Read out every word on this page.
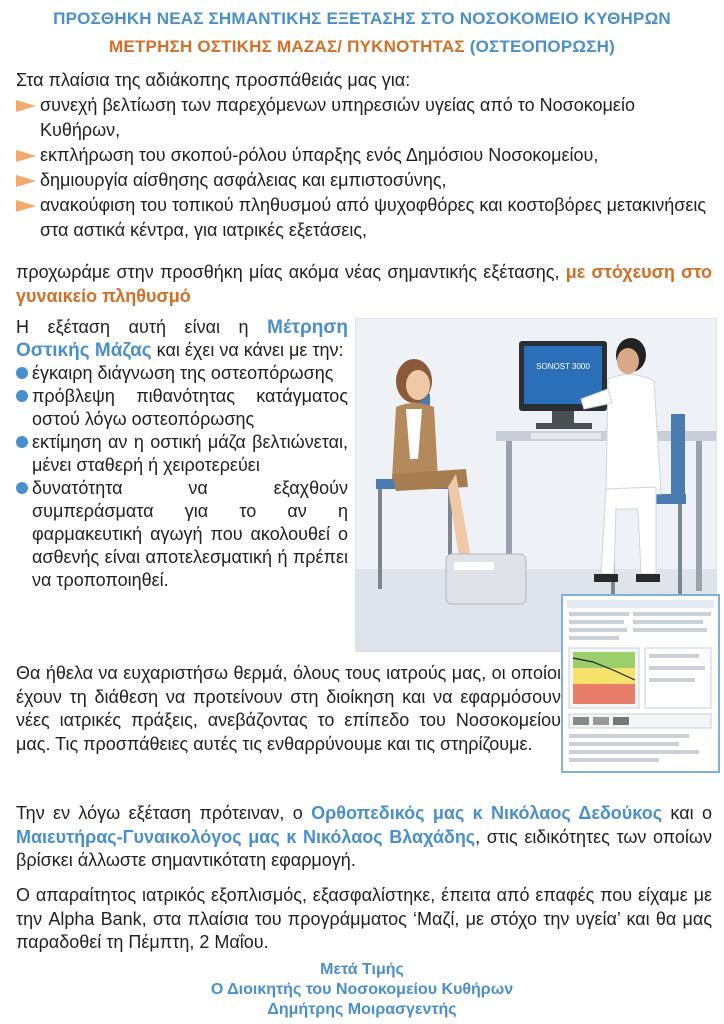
ΠΡΟΣΘΗΚΗ ΝΕΑΣ ΣΗΜΑΝΤΙΚΗΣ ΕΞΕΤΑΣΗΣ ΣΤΟ ΝΟΣΟΚΟΜΕΙΟ ΚΥΘΗΡΩΝ
ΜΕΤΡΗΣΗ ΟΣΤΙΚΗΣ ΜΑΖΑΣ/ ΠΥΚΝΟΤΗΤΑΣ (ΟΣΤΕΟΠΟΡΩΣΗ)
Στα πλαίσια της αδιάκοπης προσπάθειάς μας για:
συνεχή βελτίωση των παρεχόμενων υπηρεσιών υγείας από το Νοσοκομείο Κυθήρων,
εκπλήρωση του σκοπού-ρόλου ύπαρξης ενός Δημόσιου Νοσοκομείου,
δημιουργία αίσθησης ασφάλειας και εμπιστοσύνης,
ανακούφιση του τοπικού πληθυσμού από ψυχοφθόρες και κοστοβόρες μετακινήσεις στα αστικά κέντρα, για ιατρικές εξετάσεις,
προχωράμε στην προσθήκη μίας ακόμα νέας σημαντικής εξέτασης, με στόχευση στο γυναικείο πληθυσμό
Η εξέταση αυτή είναι η Μέτρηση Οστικής Μάζας και έχει να κάνει με την:
έγκαιρη διάγνωση της οστεοπόρωσης
πρόβλεψη πιθανότητας κατάγματος οστού λόγω οστεοπόρωσης
εκτίμηση αν η οστική μάζα βελτιώνεται, μένει σταθερή ή χειροτερεύει
δυνατότητα να εξαχθούν συμπεράσματα για το αν η φαρμακευτική αγωγή που ακολουθεί ο ασθενής είναι αποτελεσματική ή πρέπει να τροποποιηθεί.
SONOST 3000
Θα ήθελα να ευχαριστήσω θερμά, όλους τους ιατρούς μας, οι οποίοι έχουν τη διάθεση να προτείνουν στη διοίκηση και να εφαρμόσουν νέες ιατρικές πράξεις, ανεβάζοντας το επίπεδο του Νοσοκομείου μας. Τις προσπάθειες αυτές τις ενθαρρύνουμε και τις στηρίζουμε.
Την εν λόγω εξέταση πρότειναν, ο Ορθοπεδικός μας κ Νικόλαος Δεδούκος και ο Μαιευτήρας-Γυναικολόγος μας κ Νικόλαος Βλαχάδης, στις ειδικότητες των οποίων βρίσκει άλλωστε σημαντικότατη εφαρμογή.
Ο απαραίτητος ιατρικός εξοπλισμός, εξασφαλίστηκε, έπειτα από επαφές που είχαμε με την Alpha Bank, στα πλαίσια του προγράμματος ‘Μαζί, με στόχο την υγεία’ και θα μας παραδοθεί τη Πέμπτη, 2 Μαΐου.
Μετά Τιμής
Ο Διοικητής του Νοσοκομείου Κυθήρων
Δημήτρης Μοιρασγεντής
